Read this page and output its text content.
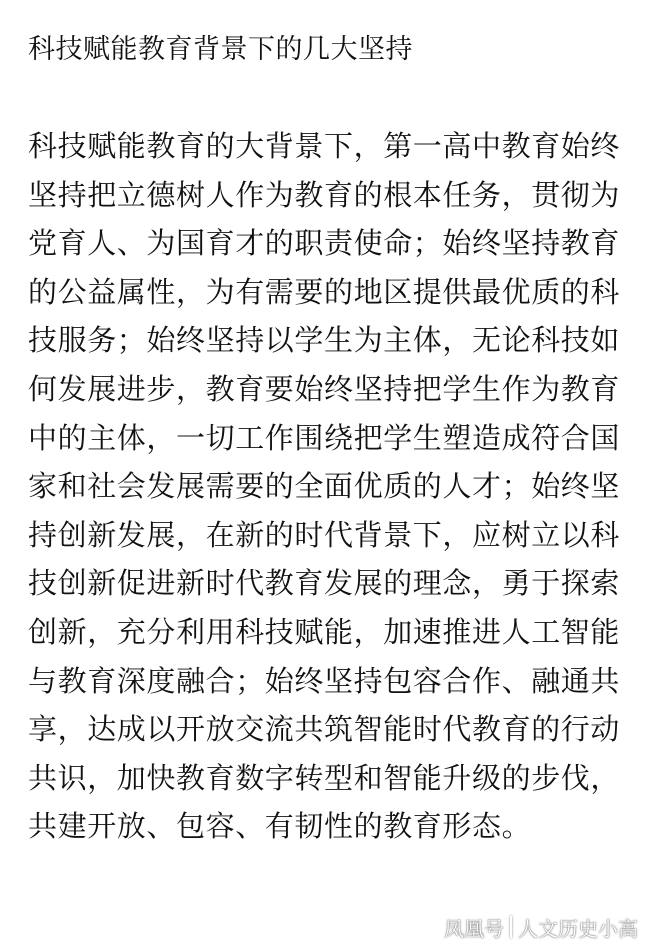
科技赋能教育背景下的几大坚持
科技赋能教育的大背景下，第一高中教育始终
坚持把立德树人作为教育的根本任务，贯彻为
党育人、为国育才的职责使命；始终坚持教育
的公益属性，为有需要的地区提供最优质的科
技服务；始终坚持以学生为主体，无论科技如
何发展进步，教育要始终坚持把学生作为教育
中的主体，一切工作围绕把学生塑造成符合国
家和社会发展需要的全面优质的人才；始终坚
持创新发展，在新的时代背景下，应树立以科
技创新促进新时代教育发展的理念，勇于探索
创新，充分利用科技赋能，加速推进人工智能
与教育深度融合；始终坚持包容合作、融通共
享，达成以开放交流共筑智能时代教育的行动
共识，加快教育数字转型和智能升级的步伐，
共建开放、包容、有韧性的教育形态。
凤凰号 人文历史小高
